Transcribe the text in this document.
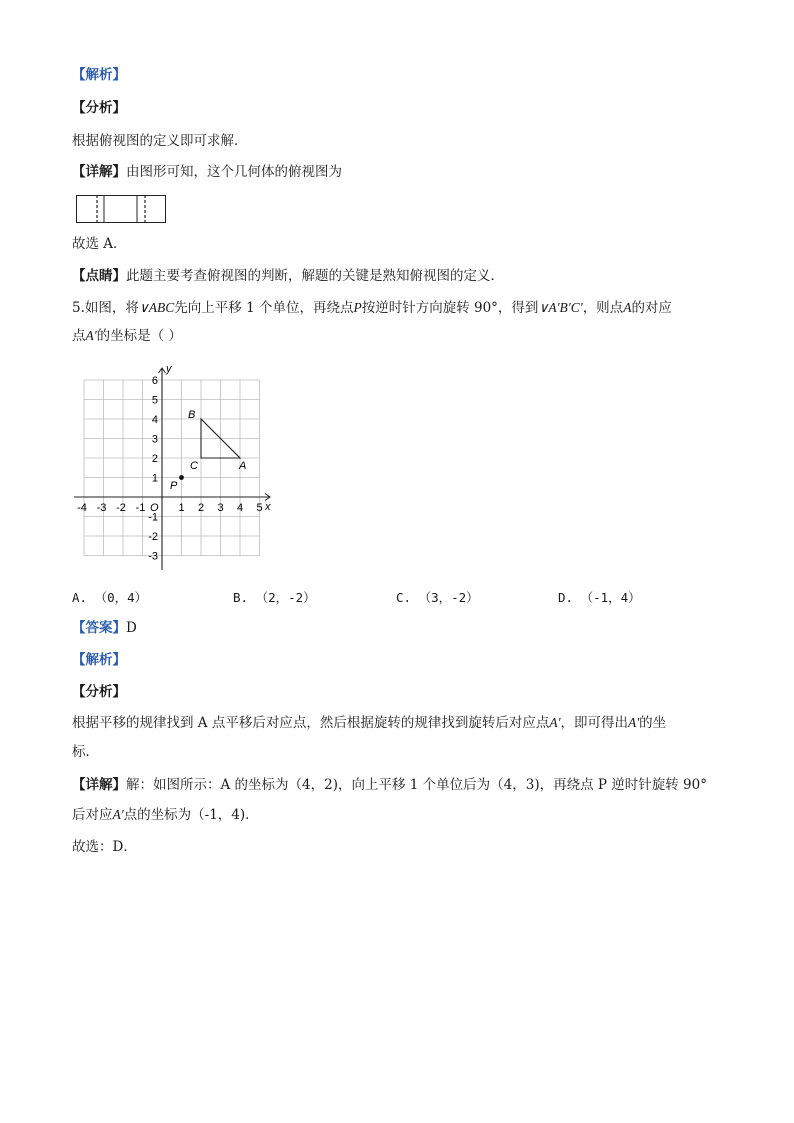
【解析】
【分析】
根据俯视图的定义即可求解．
【详解】由图形可知，这个几何体的俯视图为
故选 A．
【点睛】此题主要考查俯视图的判断，解题的关键是熟知俯视图的定义．
5.如图，将∨ABC先向上平移 1 个单位，再绕点P按逆时针方向旋转 90°，得到∨A′B′C′，则点A的对应
点A'的坐标是（ ）
y
x
O
-4 -3 -2 -1	1 2 3 4 5
6
5
4
3
2
1
-1
-2
-3
B
C	A
P
A. （0，4）	B. （2，-2）	C. （3，-2）	D. （-1，4）
【答案】D
【解析】
【分析】
根据平移的规律找到 A 点平移后对应点，然后根据旋转的规律找到旋转后对应点A'，即可得出A'的坐
标．
【详解】解：如图所示：A 的坐标为（4，2)，向上平移 1 个单位后为（4，3)，再绕点 P 逆时针旋转 90°
后对应A'点的坐标为（-1，4)．
故选：D．
